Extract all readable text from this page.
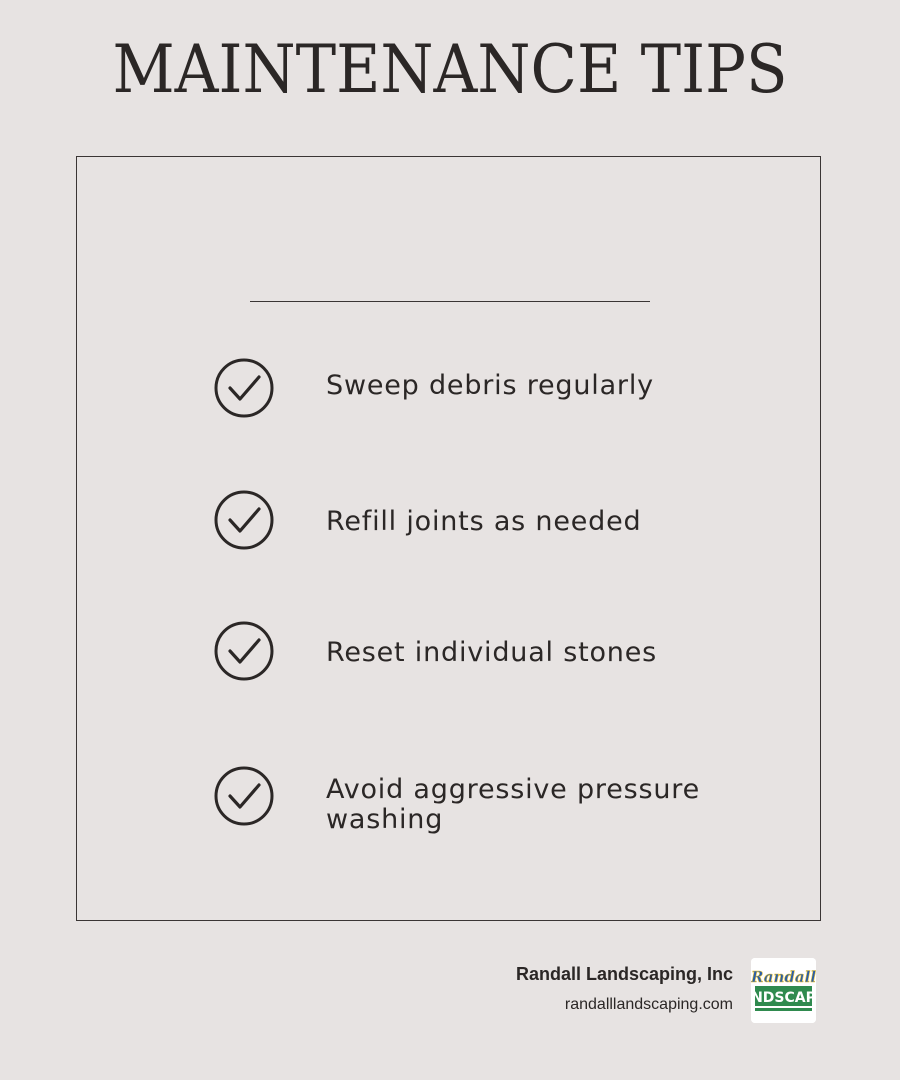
MAINTENANCE TIPS
Sweep debris regularly
Refill joints as needed
Reset individual stones
Avoid aggressive pressure washing
Randall Landscaping, Inc
randalllandscaping.com
Randall
NDSCAP
